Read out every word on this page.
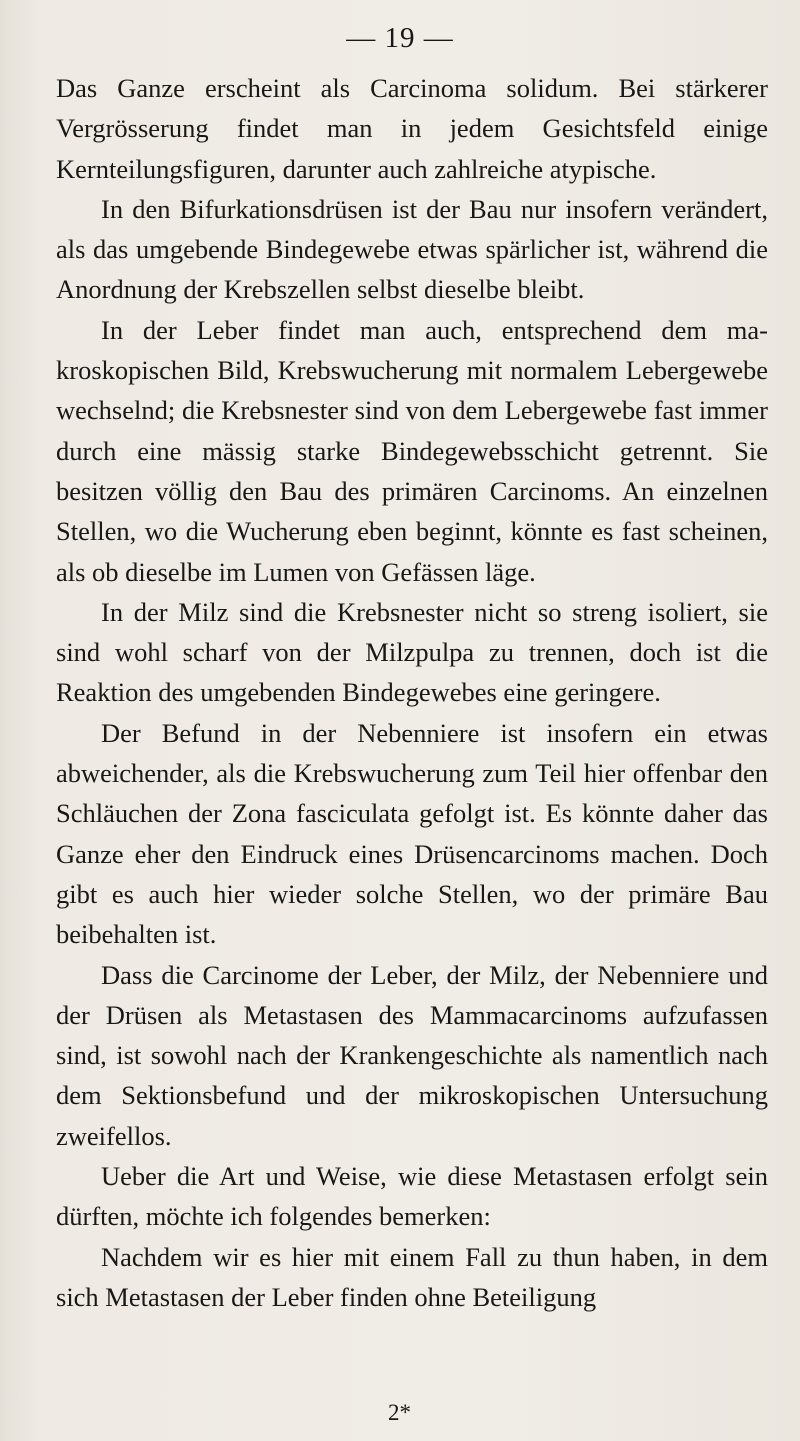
— 19 —

Das Ganze erscheint als Carcinoma solidum. Bei stärkerer Vergrösserung findet man in jedem Gesichtsfeld einige Kernteilungsfiguren, darunter auch zahlreiche atypische.

In den Bifurkationsdrüsen ist der Bau nur insofern verändert, als das umgebende Bindegewebe etwas spärlicher ist, während die Anordnung der Krebszellen selbst dieselbe bleibt.

In der Leber findet man auch, entsprechend dem makroskopischen Bild, Krebswucherung mit normalem Lebergewebe wechselnd; die Krebsnester sind von dem Lebergewebe fast immer durch eine mässig starke Bindegewebsschicht getrennt. Sie besitzen völlig den Bau des primären Carcinoms. An einzelnen Stellen, wo die Wucherung eben beginnt, könnte es fast scheinen, als ob dieselbe im Lumen von Gefässen läge.

In der Milz sind die Krebsnester nicht so streng isoliert, sie sind wohl scharf von der Milzpulpa zu trennen, doch ist die Reaktion des umgebenden Bindegewebes eine geringere.

Der Befund in der Nebenniere ist insofern ein etwas abweichender, als die Krebswucherung zum Teil hier offenbar den Schläuchen der Zona fasciculata gefolgt ist. Es könnte daher das Ganze eher den Eindruck eines Drüsencarcinoms machen. Doch gibt es auch hier wieder solche Stellen, wo der primäre Bau beibehalten ist.

Dass die Carcinome der Leber, der Milz, der Nebenniere und der Drüsen als Metastasen des Mammacarcinoms aufzufassen sind, ist sowohl nach der Krankengeschichte als namentlich nach dem Sektionsbefund und der mikroskopischen Untersuchung zweifellos.

Ueber die Art und Weise, wie diese Metastasen erfolgt sein dürften, möchte ich folgendes bemerken:

Nachdem wir es hier mit einem Fall zu thun haben, in dem sich Metastasen der Leber finden ohne Beteiligung

2*
